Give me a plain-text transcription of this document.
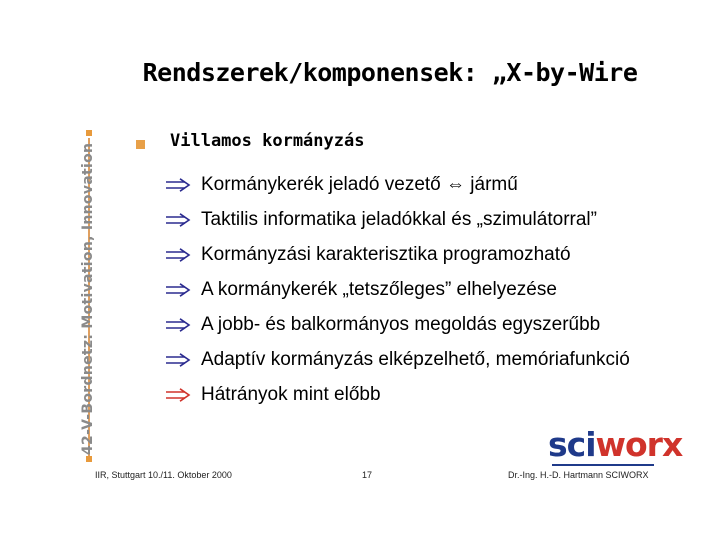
Rendszerek/komponensek: „X-by-Wire
42-V-Bordnetz: Motivation, Innovation
Villamos kormányzás
Kormánykerék jeladó vezető ⇔ jármű
Taktilis informatika jeladókkal és „szimulátorral”
Kormányzási karakterisztika programozható
A kormánykerék „tetszőleges” elhelyezése
A jobb- és balkormányos megoldás egyszerűbb
Adaptív kormányzás elképzelhető, memóriafunkció
Hátrányok mint előbb
IIR, Stuttgart 10./11. Oktober 2000	17	Dr.-Ing. H.-D. Hartmann SCIWORX
sciworx
